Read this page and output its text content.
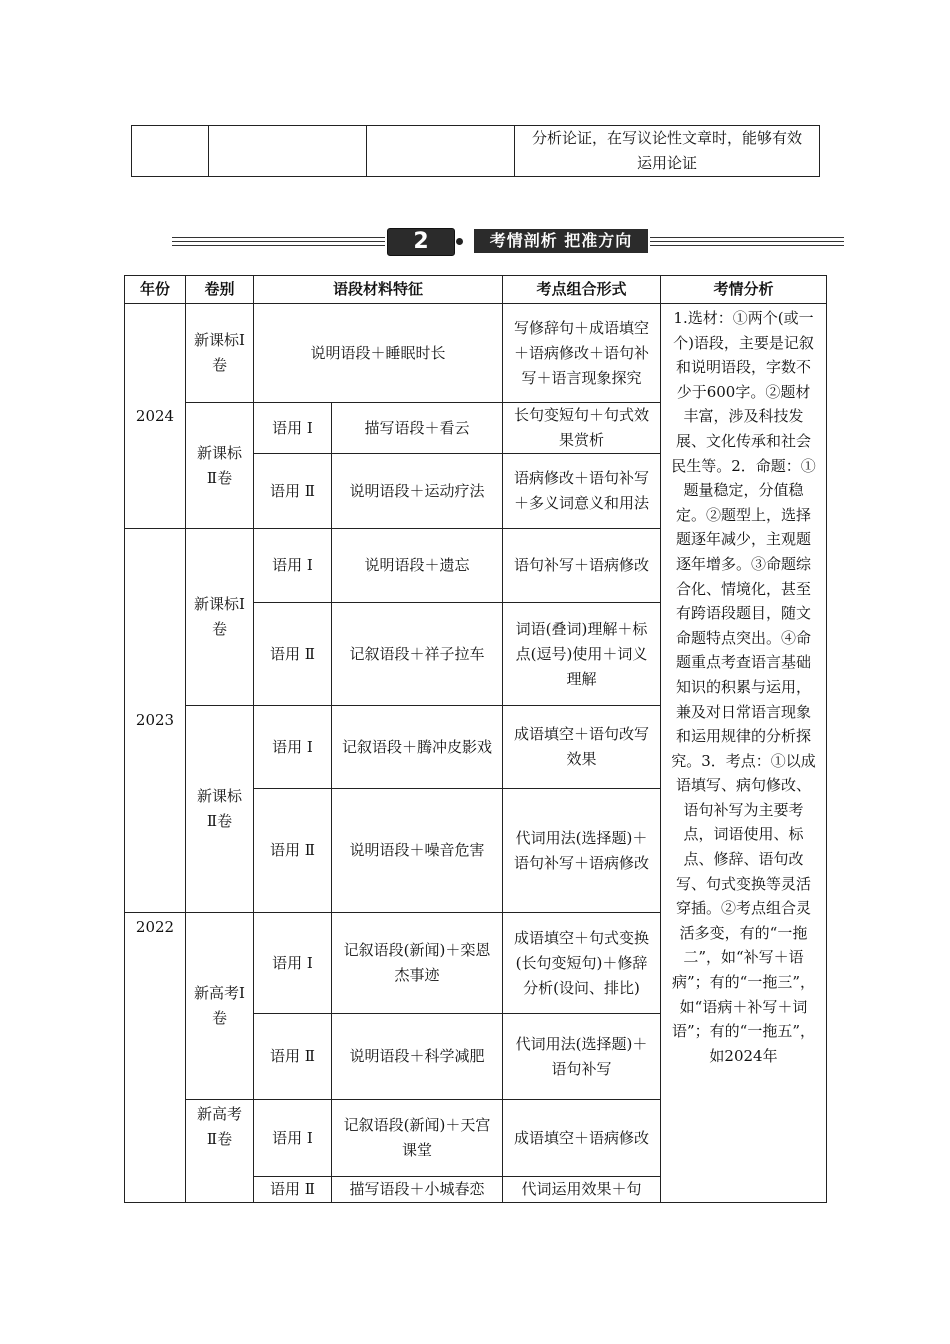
			分析论证，在写议论性文章时，能够有效运用论证
2	考情剖析 把准方向
年份	卷别	语段材料特征		考点组合形式	考情分析
2024	新课标Ⅰ卷	说明语段＋睡眠时长		写修辞句＋成语填空＋语病修改＋语句补写＋语言现象探究	1.选材：①两个(或一个)语段，主要是记叙和说明语段，字数不少于600字。②题材丰富，涉及科技发展、文化传承和社会民生等。2．命题：①题量稳定，分值稳定。②题型上，选择题逐年减少，主观题逐年增多。③命题综合化、情境化，甚至有跨语段题目，随文命题特点突出。④命题重点考查语言基础知识的积累与运用，兼及对日常语言现象和运用规律的分析探究。3．考点：①以成语填写、病句修改、语句补写为主要考点，词语使用、标点、修辞、语句改写、句式变换等灵活穿插。②考点组合灵活多变，有的“一拖二”，如“补写＋语病”；有的“一拖三”，如“语病＋补写＋词语”；有的“一拖五”，如2024年
	新课标Ⅱ卷	语用 Ⅰ	描写语段＋看云	长句变短句＋句式效果赏析	
		语用 Ⅱ	说明语段＋运动疗法	语病修改＋语句补写＋多义词意义和用法	
2023	新课标Ⅰ卷	语用 Ⅰ	说明语段＋遗忘	语句补写＋语病修改	
		语用 Ⅱ	记叙语段＋祥子拉车	词语(叠词)理解＋标点(逗号)使用＋词义理解	
	新课标Ⅱ卷	语用 Ⅰ	记叙语段＋腾冲皮影戏	成语填空＋语句改写效果	
		语用 Ⅱ	说明语段＋噪音危害	代词用法(选择题)＋语句补写＋语病修改	
2022	新高考Ⅰ卷	语用 Ⅰ	记叙语段(新闻)＋栾恩杰事迹	成语填空＋句式变换(长句变短句)＋修辞分析(设问、排比)	
		语用 Ⅱ	说明语段＋科学减肥	代词用法(选择题)＋语句补写	
	新高考Ⅱ卷	语用 Ⅰ	记叙语段(新闻)＋天宫课堂	成语填空＋语病修改	
		语用 Ⅱ	描写语段＋小城春恋	代词运用效果＋句	
